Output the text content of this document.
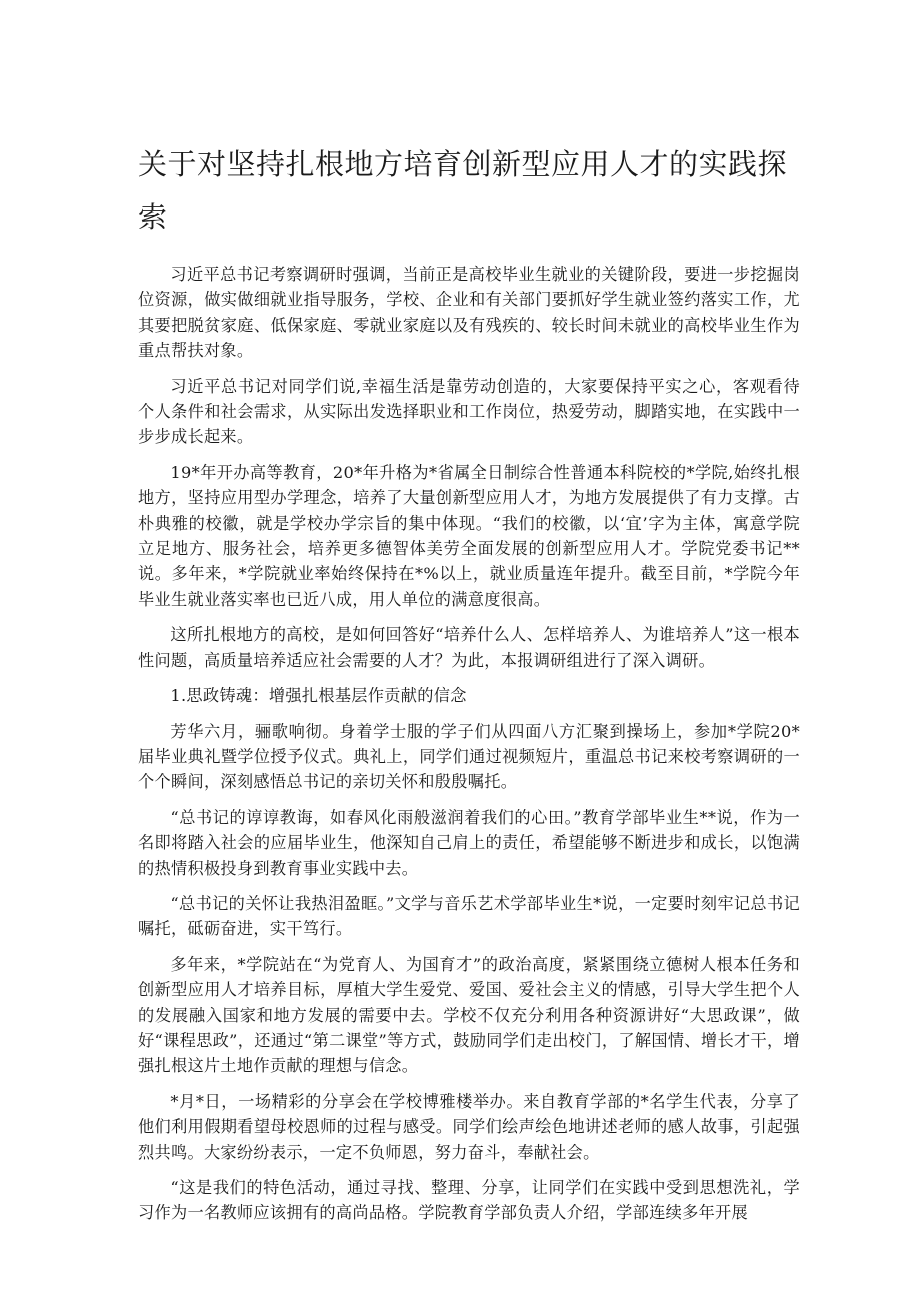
关于对坚持扎根地方培育创新型应用人才的实践探索

习近平总书记考察调研时强调，当前正是高校毕业生就业的关键阶段，要进一步挖掘岗位资源，做实做细就业指导服务，学校、企业和有关部门要抓好学生就业签约落实工作，尤其要把脱贫家庭、低保家庭、零就业家庭以及有残疾的、较长时间未就业的高校毕业生作为重点帮扶对象。

习近平总书记对同学们说,幸福生活是靠劳动创造的，大家要保持平实之心，客观看待个人条件和社会需求，从实际出发选择职业和工作岗位，热爱劳动，脚踏实地，在实践中一步步成长起来。

19*年开办高等教育，20*年升格为*省属全日制综合性普通本科院校的*学院,始终扎根地方，坚持应用型办学理念，培养了大量创新型应用人才，为地方发展提供了有力支撑。古朴典雅的校徽，就是学校办学宗旨的集中体现。“我们的校徽，以‘宜’字为主体，寓意学院立足地方、服务社会，培养更多德智体美劳全面发展的创新型应用人才。学院党委书记**说。多年来，*学院就业率始终保持在*%以上，就业质量连年提升。截至目前，*学院今年毕业生就业落实率也已近八成，用人单位的满意度很高。

这所扎根地方的高校，是如何回答好“培养什么人、怎样培养人、为谁培养人”这一根本性问题，高质量培养适应社会需要的人才？为此，本报调研组进行了深入调研。

1.思政铸魂：增强扎根基层作贡献的信念

芳华六月，骊歌响彻。身着学士服的学子们从四面八方汇聚到操场上，参加*学院20*届毕业典礼暨学位授予仪式。典礼上，同学们通过视频短片，重温总书记来校考察调研的一个个瞬间，深刻感悟总书记的亲切关怀和殷殷嘱托。

“总书记的谆谆教诲，如春风化雨般滋润着我们的心田。”教育学部毕业生**说，作为一名即将踏入社会的应届毕业生，他深知自己肩上的责任，希望能够不断进步和成长，以饱满的热情积极投身到教育事业实践中去。

“总书记的关怀让我热泪盈眶。”文学与音乐艺术学部毕业生*说，一定要时刻牢记总书记嘱托，砥砺奋进，实干笃行。

多年来，*学院站在“为党育人、为国育才”的政治高度，紧紧围绕立德树人根本任务和创新型应用人才培养目标，厚植大学生爱党、爱国、爱社会主义的情感，引导大学生把个人的发展融入国家和地方发展的需要中去。学校不仅充分利用各种资源讲好“大思政课”，做好“课程思政”，还通过“第二课堂”等方式，鼓励同学们走出校门，了解国情、增长才干，增强扎根这片土地作贡献的理想与信念。

*月*日，一场精彩的分享会在学校博雅楼举办。来自教育学部的*名学生代表，分享了他们利用假期看望母校恩师的过程与感受。同学们绘声绘色地讲述老师的感人故事，引起强烈共鸣。大家纷纷表示，一定不负师恩，努力奋斗，奉献社会。

“这是我们的特色活动，通过寻找、整理、分享，让同学们在实践中受到思想洗礼，学习作为一名教师应该拥有的高尚品格。学院教育学部负责人介绍，学部连续多年开展
